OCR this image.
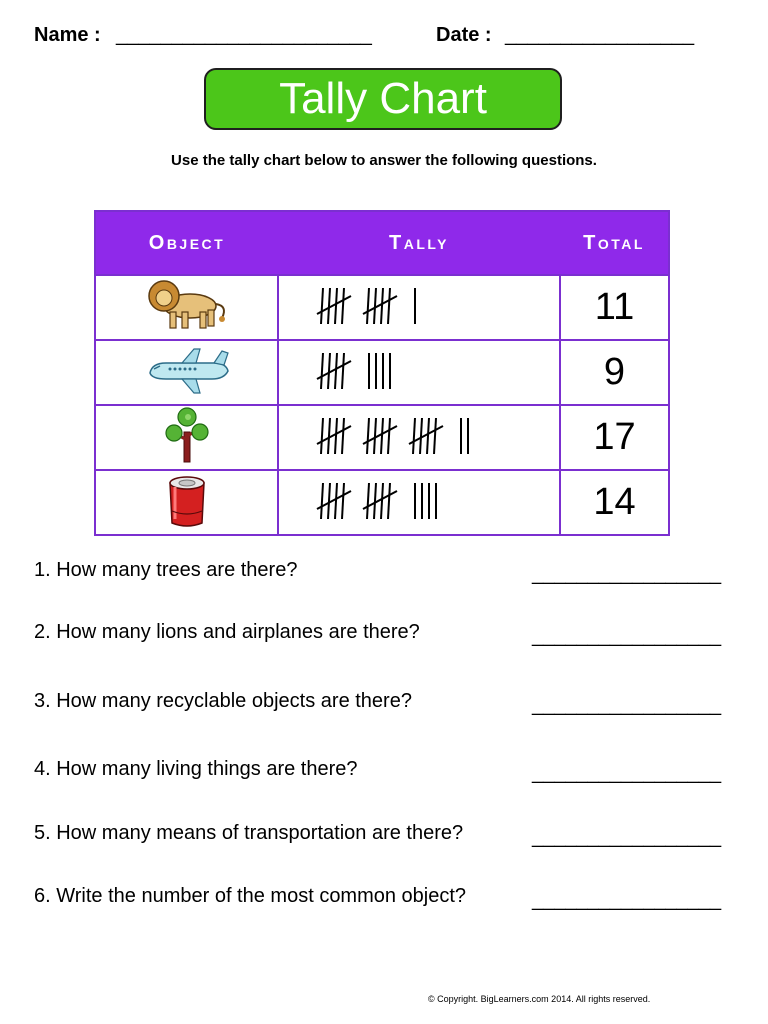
Name : _______________________	Date : _________________
Tally Chart
Use the tally chart below to answer the following questions.
Object	Tally	Total
		11
		9
		17
		14
1. How many trees are there?	_________________
2. How many lions and airplanes are there?	_________________
3. How many recyclable objects are there?	_________________
4. How many living things are there?	_________________
5. How many means of transportation are there?	_________________
6. Write the number of the most common object?	_________________
© Copyright. BigLearners.com 2014. All rights reserved.
